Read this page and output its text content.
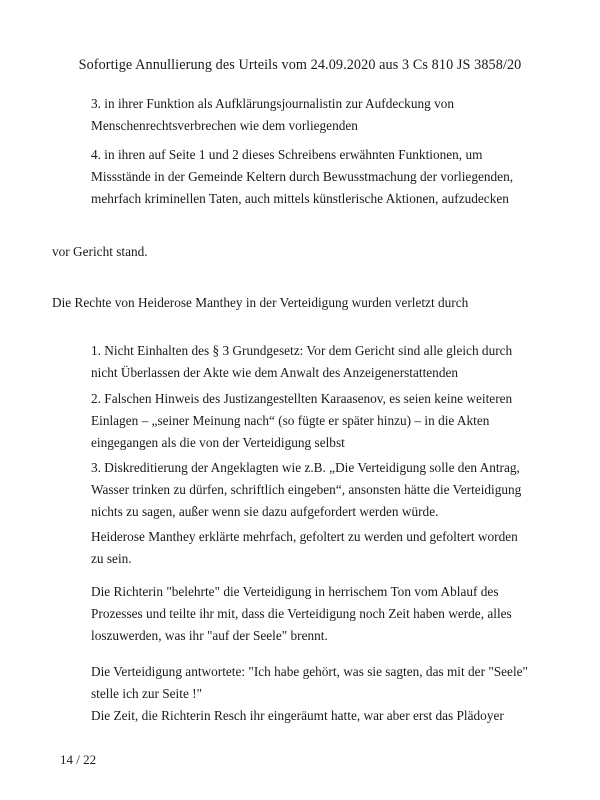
Sofortige Annullierung des Urteils vom 24.09.2020 aus 3 Cs 810 JS 3858/20
3. in ihrer Funktion als Aufklärungsjournalistin zur Aufdeckung von
Menschenrechtsverbrechen wie dem vorliegenden
4. in ihren auf Seite 1 und 2 dieses Schreibens erwähnten Funktionen, um
Missstände in der Gemeinde Keltern durch Bewusstmachung der vorliegenden,
mehrfach kriminellen Taten, auch mittels künstlerische Aktionen, aufzudecken
vor Gericht stand.
Die Rechte von Heiderose Manthey in der Verteidigung wurden verletzt durch
1. Nicht Einhalten des § 3 Grundgesetz: Vor dem Gericht sind alle gleich durch
nicht Überlassen der Akte wie dem Anwalt des Anzeigenerstattenden
2. Falschen Hinweis des Justizangestellten Karaasenov, es seien keine weiteren
Einlagen – „seiner Meinung nach“ (so fügte er später hinzu) – in die Akten
eingegangen als die von der Verteidigung selbst
3. Diskreditierung der Angeklagten wie z.B. „Die Verteidigung solle den Antrag,
Wasser trinken zu dürfen, schriftlich eingeben“, ansonsten hätte die Verteidigung
nichts zu sagen, außer wenn sie dazu aufgefordert werden würde.
Heiderose Manthey erklärte mehrfach, gefoltert zu werden und gefoltert worden
zu sein.
Die Richterin "belehrte" die Verteidigung in herrischem Ton vom Ablauf des
Prozesses und teilte ihr mit, dass die Verteidigung noch Zeit haben werde, alles
loszuwerden, was ihr "auf der Seele" brennt.
Die Verteidigung antwortete: "Ich habe gehört, was sie sagten, das mit der "Seele"
stelle ich zur Seite !"
Die Zeit, die Richterin Resch ihr eingeräumt hatte, war aber erst das Plädoyer
14 / 22
